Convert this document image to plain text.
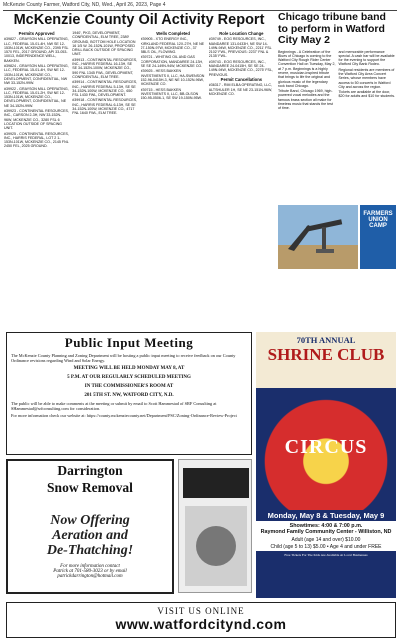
McKenzie County Farmer, Watford City, ND, Wed., April 26, 2023, Page 4
McKenzie County Oil Activity Report
Permits Approved

#39827 - GRAYSON MILL OPERATING, LLC, FEDERAL 15-01-4H, NW SE 12-153N-101W, MCKENZIE CO., 2395 FSL 1570 FEL, 2017 GROUND, API 33-053-10013, INDEPENDENCE WELL, BAKKEN.

#39824 - GRAYSON MILL OPERATING, LLC, FEDERAL 15-01-4H, SW NE 12-153N-101W, MCKENZIE CO., DEVELOPMENT, CONFIDENTIAL, NW NW 33-152N-99W.

#39922 - GRAYSON MILL OPERATING, LLC, FEDERAL 15-01-2H, SW NE 12-153N-101W, MCKENZIE CO., DEVELOPMENT, CONFIDENTIAL, NE NE 34-152N-99W.

#39923 - CONTINENTAL RESOURCES, INC., CARSON 2-3H, NW 33-152N-96W, MCKENZIE CO., 3280 FSL 6 LOCATION OUTSIDE OF SPACING UNIT.

#39925 - CONTINENTAL RESOURCES, INC., HARRIS FEDERAL, LOT 2 1-153N-101W, MCKENZIE CO., 2145 FNL 2450 FEL, 2025 GROUND.

1940', PKG, DEVELOPMENT, CONFIDENTIAL, ELM TREE, 2389' GROUND, BOTTOM HOLE LOCATION 16 1/5 W. 26-152N-101W, PROPOSED DRILL BACK OUTSIDE OF SPACING UNIT.

#39913 - CONTINENTAL RESOURCES, INC., HARRIS FEDERAL 16-13H, SE SE 34-152N-100W, MCKENZIE CO., 590 FNL 1345 FWL, DEVELOPMENT, CONFIDENTIAL, ELM TREE.

#39914 - CONTINENTAL RESOURCES, INC., HARRIS FEDERAL 5-13H, SE SE 34-152N-100W, MCKENZIE CO., 650 FSL 1430 FWL, DEVELOPMENT.

#39918 - CONTINENTAL RESOURCES, INC., HARRIS FEDERAL 6-13H, SE SE 34-152N-100W, MCKENZIE CO., 4717 FNL 1640 FWL, ELM TREE.

Wells Completed

#39905 - XTO ENERGY INC., KIRKLAND FEDERAL 12X-27H, NE NE 27-150N-97W, MCKENZIE CO., 37 BBLS OIL, FLOWING.

#39721 - WHITING OIL AND GAS CORPORATION, MANDAREE 24-13H, SE SE 24-149N-94W, MCKENZIE CO.

#39925 - HESS BAKKEN INVESTMENTS II, LLC, HA-SWENSON 152-96-0415H-3, NE NE 10-152N-96W, MCKENZIE CO.

#39715 - HESS BAKKEN INVESTMENTS II, LLC, BB-OLSON 150-95-0506-1, SE SW 19-150N-95W.

Role Location Change

#39749 - EOG RESOURCES, INC., MANDAREE 131-0433H, NE SW 14-149N-94W, MCKENZIE CO., 2211' FSL 2102' FWL, PREVIOUS: 2237' FNL & 2135' FWL.

#39743 - EOG RESOURCES, INC., MANDAREE 24-0415H, SE SE 24-149N-94W, MCKENZIE CO., 2275' FSL, PREVIOUS.

Permit Cancellations

#36317 - RIM ELBA OPERATING, LLC, ALTSHULER 1H, SE NE 23-151N-96W, MCKENZIE CO.

Chicago tribune band to perform in Watford City May 2

Beginnings - A Celebration of the Blues of Chicago is coming to the Watford City Rough Rider Center Convention Hall on Tuesday, May 2, at 7 p.m. Beginnings is a highly revere, musician-inspired tribute that brings to life the original and glorious music of the legendary rock band Chicago.

Tribute Band, Chicago 1969, high-powered vocal melodies and the famous brass section all make for timeless music that stands the test of time.

and memorable performance special. A cash bar will be available for the evening to support the Watford City Bank Rodeo.

Regional residents are members of the Watford City Area Concert Series, whose members have access to 50 concerts in Watford City and across the region.

Tickets are available at the door, $20 for adults and $10 for students.

FARMERS
UNION
CAMP
Public Input Meeting

The McKenzie County Planning and Zoning Department will be hosting a public input meeting to receive feedback on our County Ordinance revisions regarding Wind and Solar Energy.

MEETING WILL BE HELD MONDAY MAY 8, AT
5 P.M. AT OUR REGULARLY SCHEDULED MEETING
IN THE COMMISSIONER'S ROOM AT
201 5TH ST. NW, WATFORD CITY, N.D.

The public will be able to make comments at the meeting or submit by email to Scott Hammestad of SRF Consulting at SHammestad@srfconsulting.com for consideration.

For more information check our website at: https://county.mckenziecounty.net/Department/PSC/Zoning-Ordinance-Review-Project

Darrington
Snow Removal
Now Offering
Aeration and
De-Thatching!
For more information contact
Patrick at 701-580-3023 or by email
patrickdarrington@hotmail.com
70TH ANNUAL
SHRINE CLUB
CIRCUS
Monday, May 8 & Tuesday, May 9
Showtimes: 4:00 & 7:00 p.m.
Raymond Family Community Center - Williston, ND
Adult (age 14 and over) $10.00
Child (age 5 to 13) $5.00 • Age 4 and under FREE
Free Tickets For The Kids Are Available At Local Businesses
VISIT US ONLINE
www.watfordcitynd.com
